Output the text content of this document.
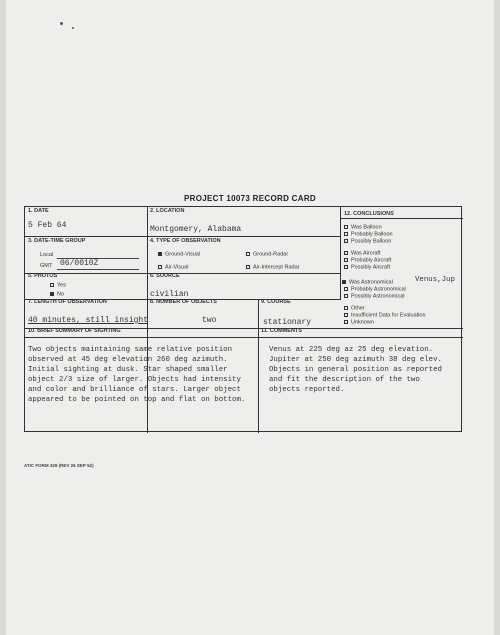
PROJECT 10073 RECORD CARD
1. DATE
5 Feb 64
2. LOCATION
Montgomery, Alabama
3. DATE-TIME GROUP
Local
GMT 06/0010Z
4. TYPE OF OBSERVATION
Ground-Visual	Ground-Radar
Air-Visual	Air-Intercept Radar
5. PHOTOS
Yes
No
6. SOURCE
civilian
7. LENGTH OF OBSERVATION
40 minutes, still insight
8. NUMBER OF OBJECTS
two
9. COURSE
stationary
10. BRIEF SUMMARY OF SIGHTING
Two objects maintaining same relative position
observed at 45 deg elevation 260 deg azimuth.
Initial sighting at dusk. Star shaped smaller
object 2/3 size of larger. Objects had intensity
and color and brilliance of stars. Larger object
appeared to be pointed on top and flat on bottom.
11. COMMENTS
Venus at 225 deg az 25 deg elevation.
Jupiter at 250 deg azimuth 38 deg elev.
Objects in general position as reported
and fit the description of the two
objects reported.
12. CONCLUSIONS
Was Balloon
Probably Balloon
Possibly Balloon
Was Aircraft
Probably Aircraft
Possibly Aircraft
Was Astronomical	Venus,Jup
Probably Astronomical
Possibly Astronomical
Other
Insufficient Data for Evaluation
Unknown
ATIC FORM 329 (REV 26 SEP 52)
